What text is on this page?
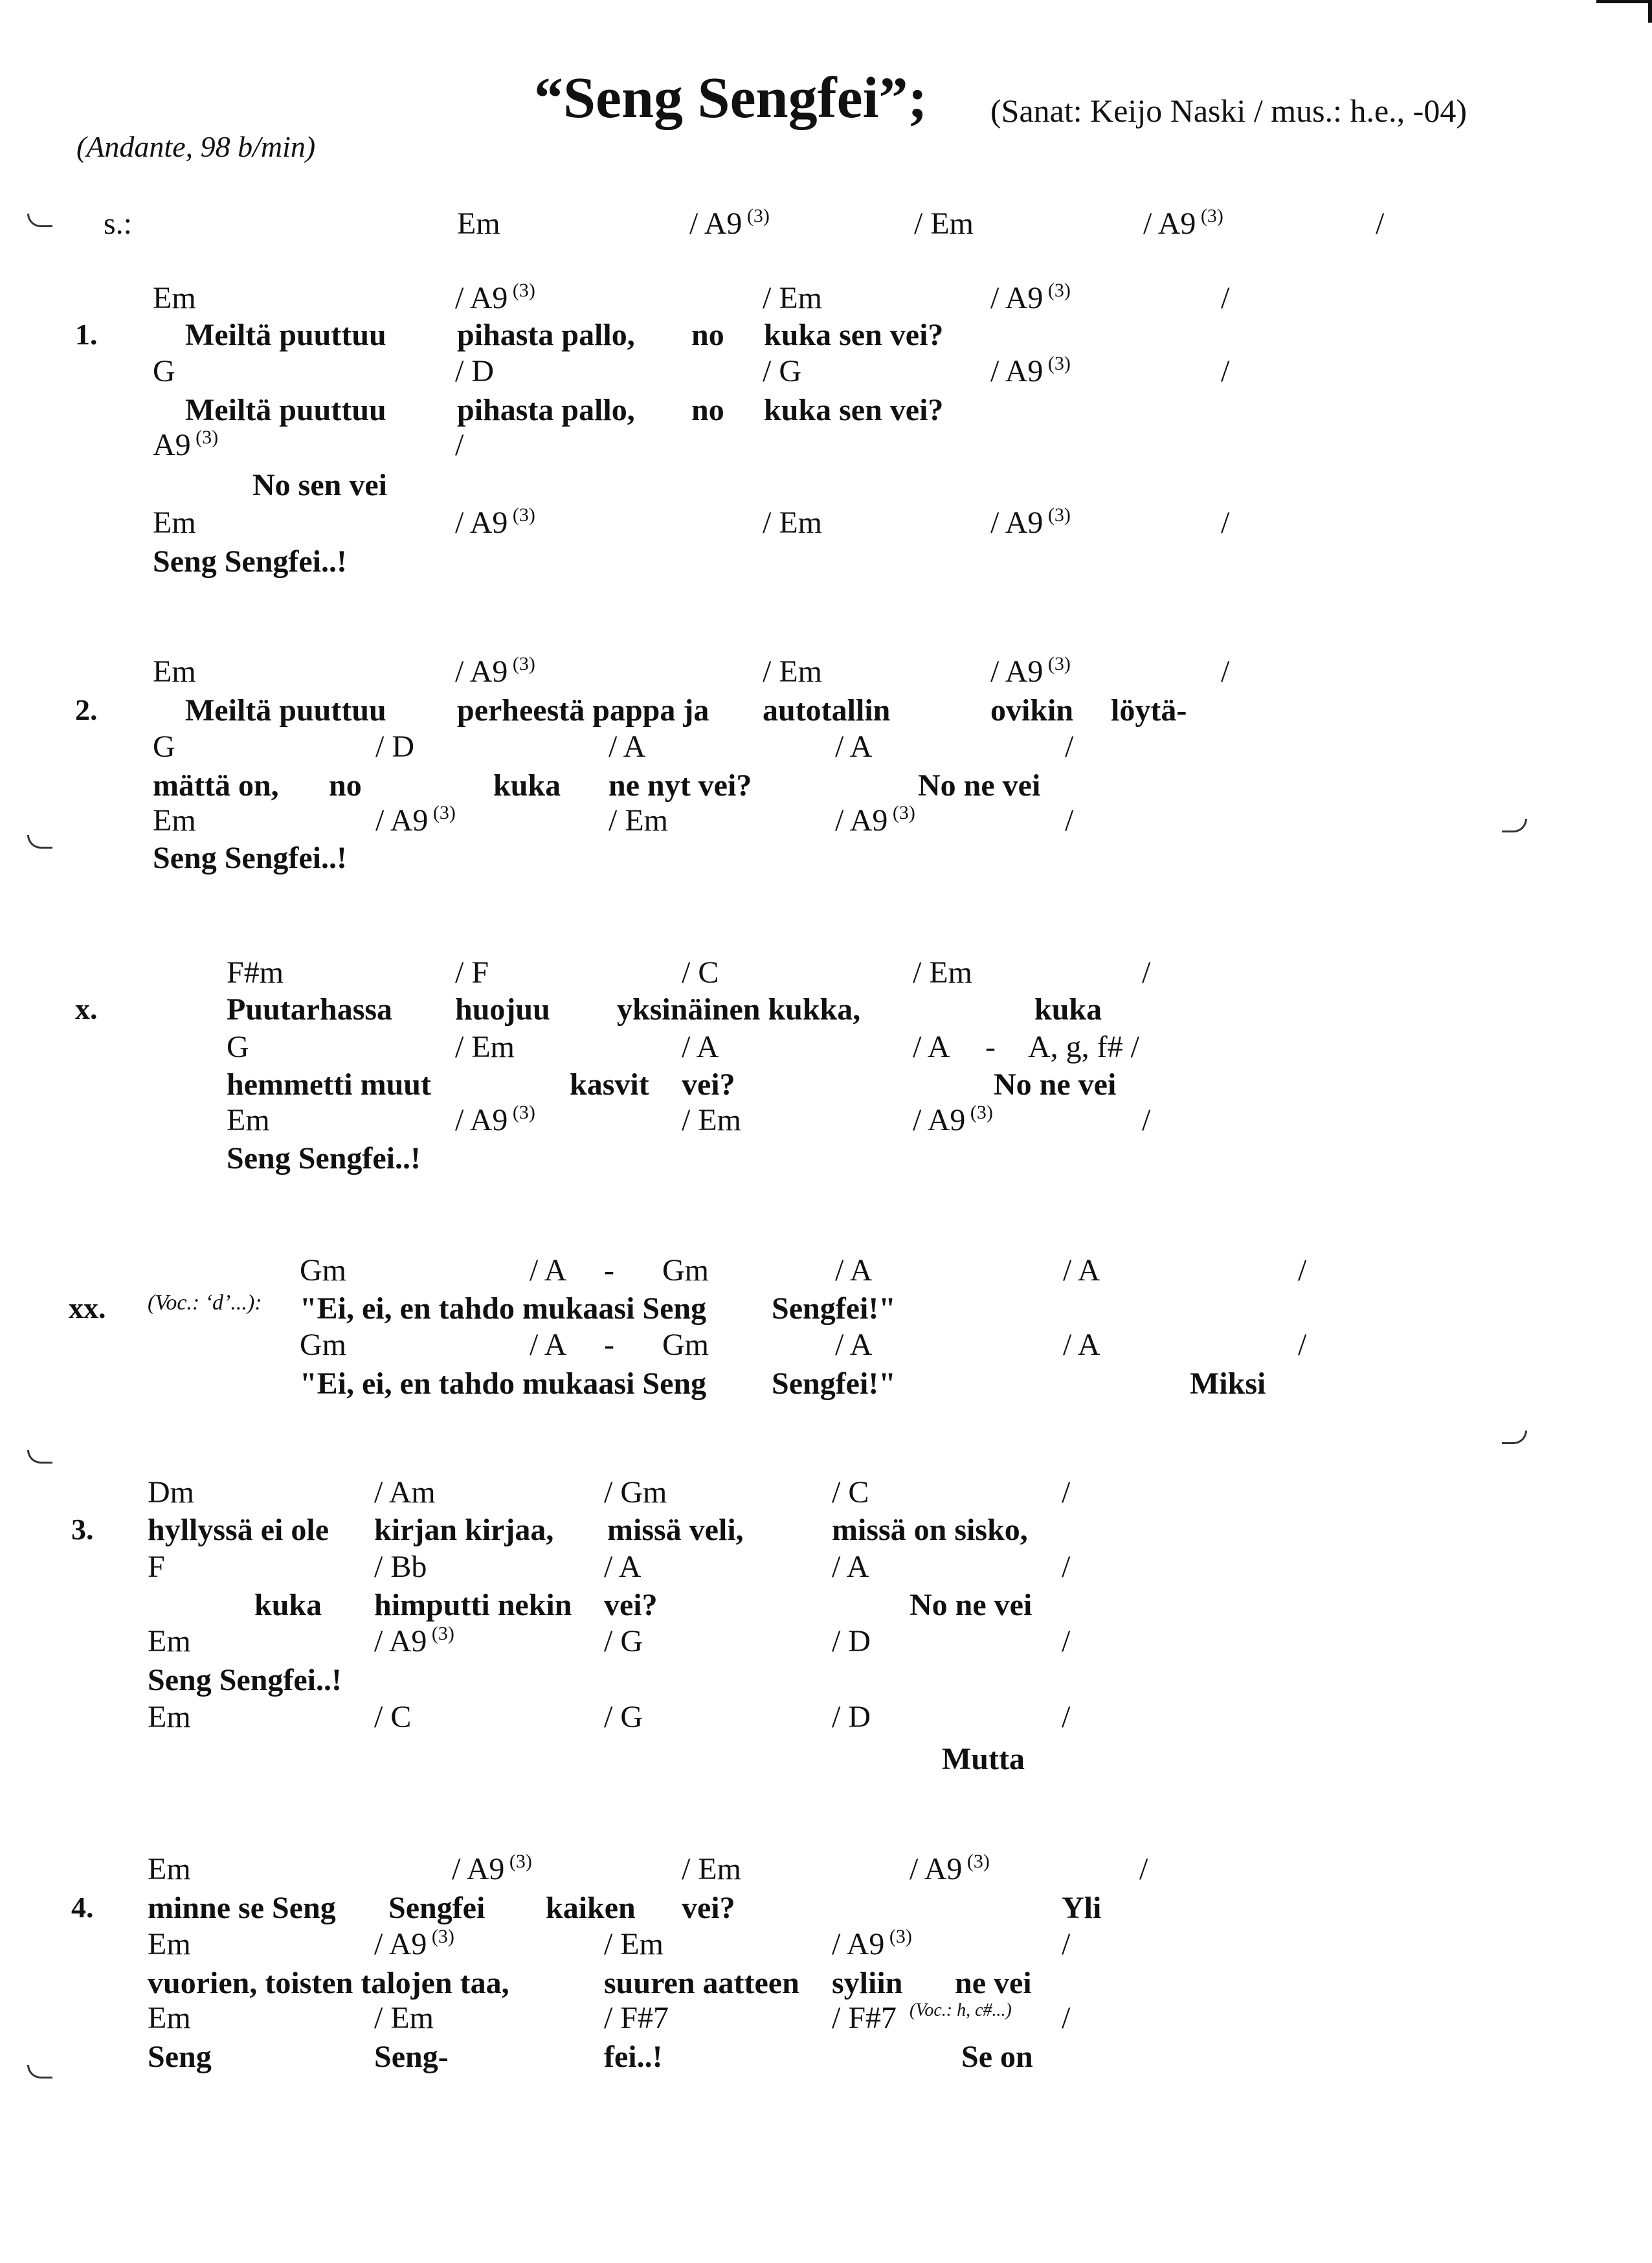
“Seng Sengfei”; (Sanat: Keijo Naski / mus.: h.e., -04)
(Andante, 98 b/min)
s.:	Em	/ A9 $^{(3)}$	/ Em	/ A9 $^{(3)}$	/
Em	/ A9 $^{(3)}$	/ Em	/ A9 $^{(3)}$	/
1.	Meiltä puuttuu pihasta pallo, no kuka sen vei?
G	/ D	/ G	/ A9 $^{(3)}$	/
Meiltä puuttuu pihasta pallo, no kuka sen vei?
A9 $^{(3)}$	/
No sen vei
Em	/ A9 $^{(3)}$	/ Em	/ A9 $^{(3)}$	/
Seng Sengfei..!
Em	/ A9 $^{(3)}$	/ Em	/ A9 $^{(3)}$	/
2.	Meiltä puuttuu perheestä pappa ja autotallin	ovikin löytä-
G	/ D	/ A	/ A	/
mättä on, no	kuka ne nyt vei?	No ne vei
Em	/ A9 $^{(3)}$	/ Em	/ A9 $^{(3)}$	/
Seng Sengfei..!
F#m	/ F	/ C	/ Em	/
x.	Puutarhassa huojuu yksinäinen kukka,	kuka
G	/ Em	/ A	/ A - A, g, f# /
hemmetti muut	kasvit vei?	No ne vei
Em	/ A9 $^{(3)}$	/ Em	/ A9 $^{(3)}$	/
Seng Sengfei..!
Gm	/ A - Gm	/ A	/ A	/
xx. (Voc.: ‘d’...): "Ei, ei, en tahdo mukaasi Seng Sengfei!"
Gm	/ A - Gm	/ A	/ A	/
"Ei, ei, en tahdo mukaasi Seng Sengfei!"	Miksi
Dm	/ Am	/ Gm	/ C	/
3. hyllyssä ei ole kirjan kirjaa, missä veli,	missä on sisko,
F	/ Bb	/ A	/ A	/
kuka himputti nekin vei?	No ne vei
Em	/ A9 $^{(3)}$	/ G	/ D	/
Seng Sengfei..!
Em	/ C	/ G	/ D	/
Mutta
Em	/ A9 $^{(3)}$	/ Em	/ A9 $^{(3)}$	/
4. minne se Seng Sengfei kaiken vei?	Yli
Em	/ A9 $^{(3)}$	/ Em	/ A9 $^{(3)}$	/
vuorien, toisten talojen taa,	suuren aatteen syliin ne vei
Em	/ Em	/ F#7	/ F#7 (Voc.: h, c#...) /
Seng	Seng-	fei..!	Se on
